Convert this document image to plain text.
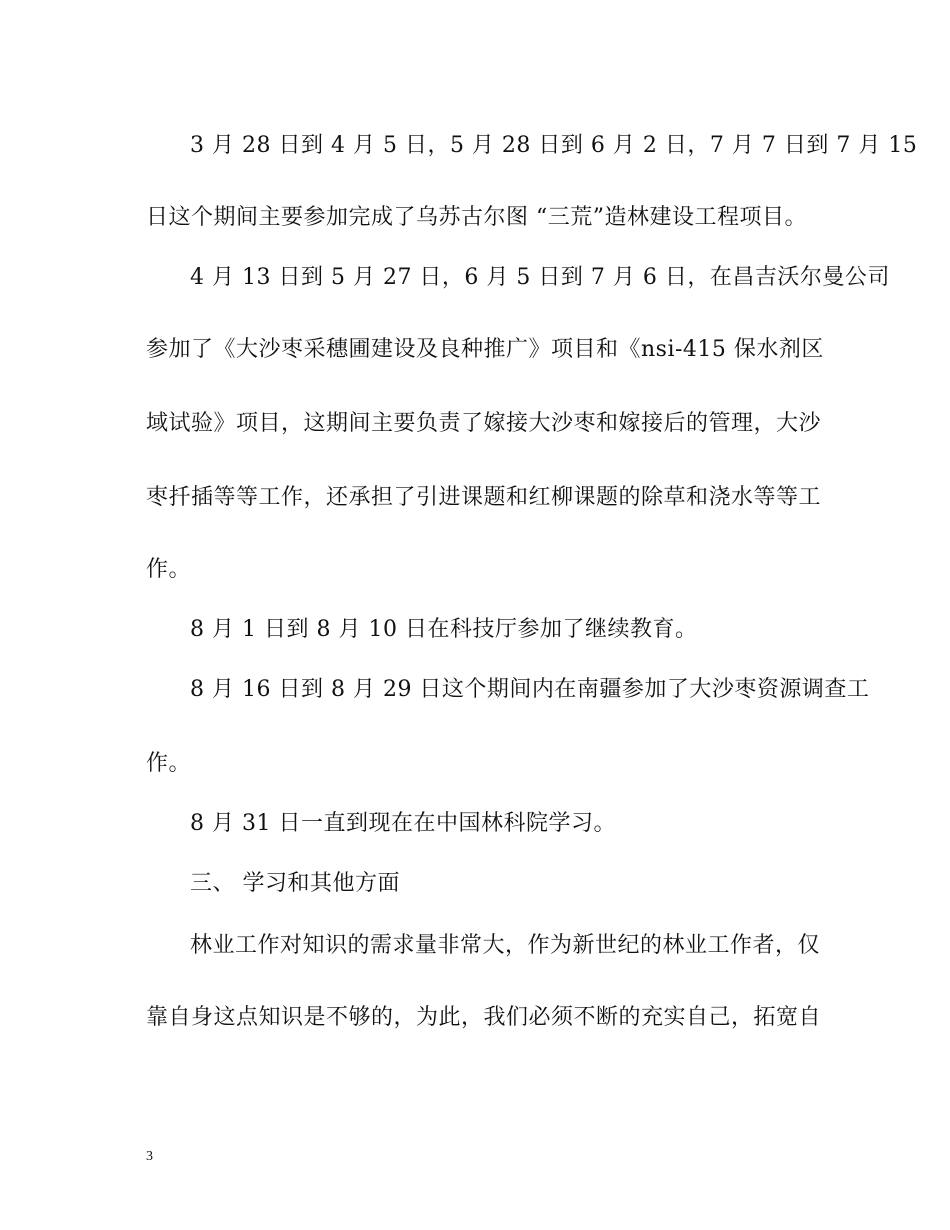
3 月 28 日到 4 月 5 日，5 月 28 日到 6 月 2 日，7 月 7 日到 7 月 15
日这个期间主要参加完成了乌苏古尔图 “三荒”造林建设工程项目。
4 月 13 日到 5 月 27 日，6 月 5 日到 7 月 6 日，在昌吉沃尔曼公司
参加了《大沙枣采穗圃建设及良种推广》项目和《nsi-415 保水剂区
域试验》项目，这期间主要负责了嫁接大沙枣和嫁接后的管理，大沙
枣扦插等等工作，还承担了引进课题和红柳课题的除草和浇水等等工
作。
8 月 1 日到 8 月 10 日在科技厅参加了继续教育。
8 月 16 日到 8 月 29 日这个期间内在南疆参加了大沙枣资源调查工
作。
8 月 31 日一直到现在在中国林科院学习。
三、 学习和其他方面
林业工作对知识的需求量非常大，作为新世纪的林业工作者，仅
靠自身这点知识是不够的，为此，我们必须不断的充实自己，拓宽自
3
